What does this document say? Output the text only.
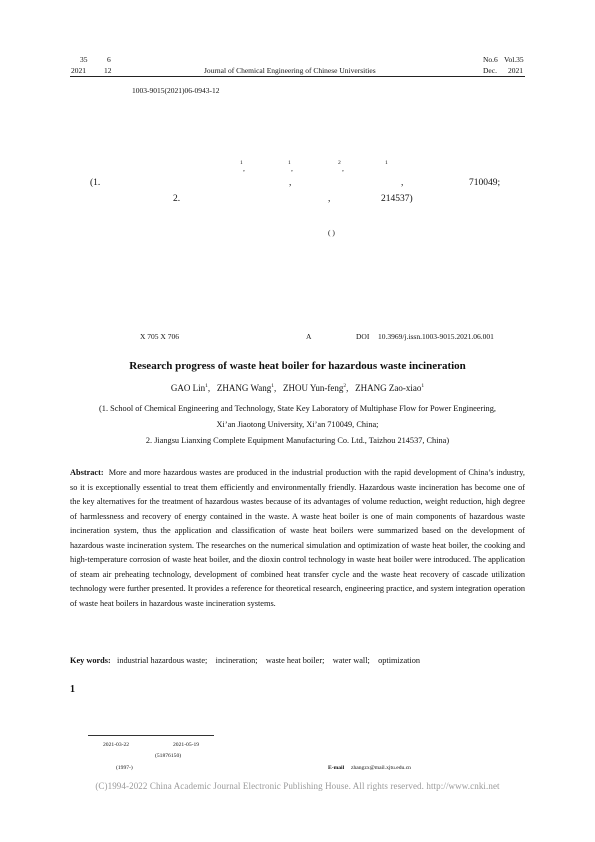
35	6
2021 12	Journal of Chemical Engineering of Chinese Universities
No.6 Vol.35
Dec. 2021
1003-9015(2021)06-0943-12
1
,
1
,
2
,
1
(1.	,	,	710049;
2.	,	214537)
( )
X 705 X 706	A	DOI 10.3969/j.issn.1003-9015.2021.06.001
Research progress of waste heat boiler for hazardous waste incineration
GAO Lin$^1$,   ZHANG Wang$^1$,   ZHOU Yun-feng$^2$,   ZHANG Zao-xiao$^1$
(1. School of Chemical Engineering and Technology, State Key Laboratory of Multiphase Flow for Power Engineering,
Xi’an Jiaotong University, Xi’an 710049, China;
2. Jiangsu Lianxing Complete Equipment Manufacturing Co. Ltd., Taizhou 214537, China)
Abstract: More and more hazardous wastes are produced in the industrial production with the rapid development of China’s industry, so it is exceptionally essential to treat them efficiently and environmentally friendly. Hazardous waste incineration has become one of the key alternatives for the treatment of hazardous wastes because of its advantages of volume reduction, weight reduction, high degree of harmlessness and recovery of energy contained in the waste. A waste heat boiler is one of main components of hazardous waste incineration system, thus the application and classification of waste heat boilers were summarized based on the development of hazardous waste incineration system. The researches on the numerical simulation and optimization of waste heat boiler, the cooking and high-temperature corrosion of waste heat boiler, and the dioxin control technology in waste heat boiler were introduced. The application of steam air preheating technology, development of combined heat transfer cycle and the waste heat recovery of cascade utilization technology were further presented. It provides a reference for theoretical research, engineering practice, and system integration operation of waste heat boilers in hazardous waste incineration systems.
Key words: industrial hazardous waste; incineration; waste heat boiler; water wall; optimization
1
2021-03-22	2021-05-19
(51876150)
(1997-)	E-mail zhangzx@mail.xjtu.edu.cn
(C)1994-2022 China Academic Journal Electronic Publishing House. All rights reserved. http://www.cnki.net
